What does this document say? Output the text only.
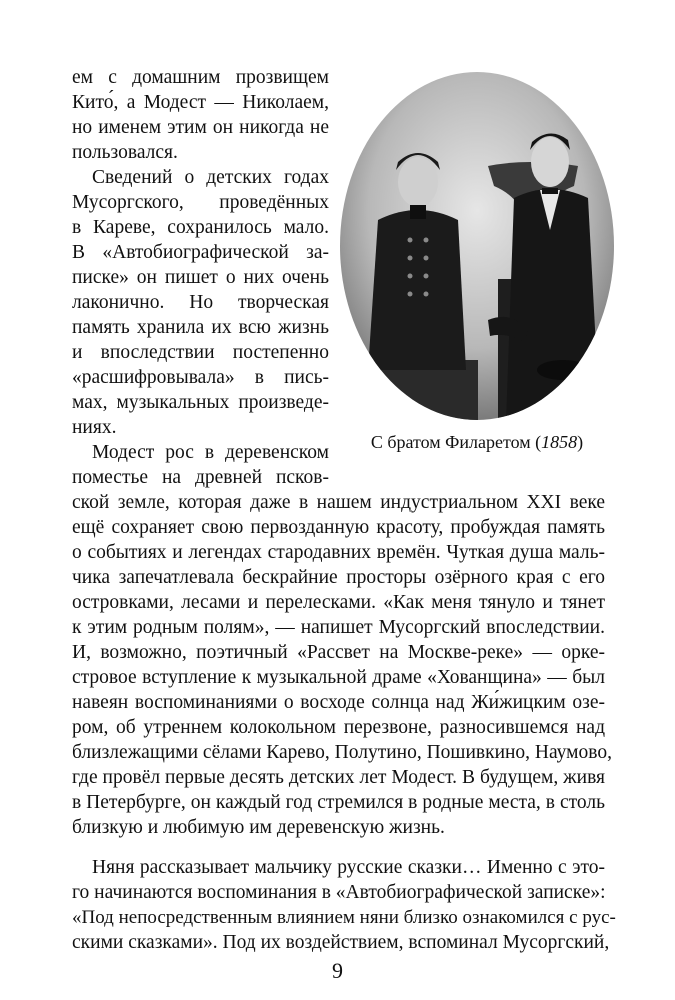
ем с домашним прозвищем
Кито́, а Модест — Николаем,
но именем этим он никогда не
пользовался.
Сведений о детских годах
Мусоргского, проведённых
в Кареве, сохранилось мало.
В «Автобиографической за-
писке» он пишет о них очень
лаконично. Но творческая
память хранила их всю жизнь
и впоследствии постепенно
«расшифровывала» в пись-
мах, музыкальных произведе-
ниях.
Модест рос в деревенском
поместье на древней псков-
С братом Филаретом (1858)
ской земле, которая даже в нашем индустриальном XXI веке
ещё сохраняет свою первозданную красоту, пробуждая память
о событиях и легендах стародавних времён. Чуткая душа маль-
чика запечатлевала бескрайние просторы озёрного края с его
островками, лесами и перелесками. «Как меня тянуло и тянет
к этим родным полям», — напишет Мусоргский впоследствии.
И, возможно, поэтичный «Рассвет на Москве-реке» — орке-
стровое вступление к музыкальной драме «Хованщина» — был
навеян воспоминаниями о восходе солнца над Жи́жицким озе-
ром, об утреннем колокольном перезвоне, разносившемся над
близлежащими сёлами Карево, Полутино, Пошивкино, Наумово,
где провёл первые десять детских лет Модест. В будущем, живя
в Петербурге, он каждый год стремился в родные места, в столь
близкую и любимую им деревенскую жизнь.
Няня рассказывает мальчику русские сказки… Именно с это-
го начинаются воспоминания в «Автобиографической записке»:
«Под непосредственным влиянием няни близко ознакомился с рус-
скими сказками». Под их воздействием, вспоминал Мусоргский,
9
